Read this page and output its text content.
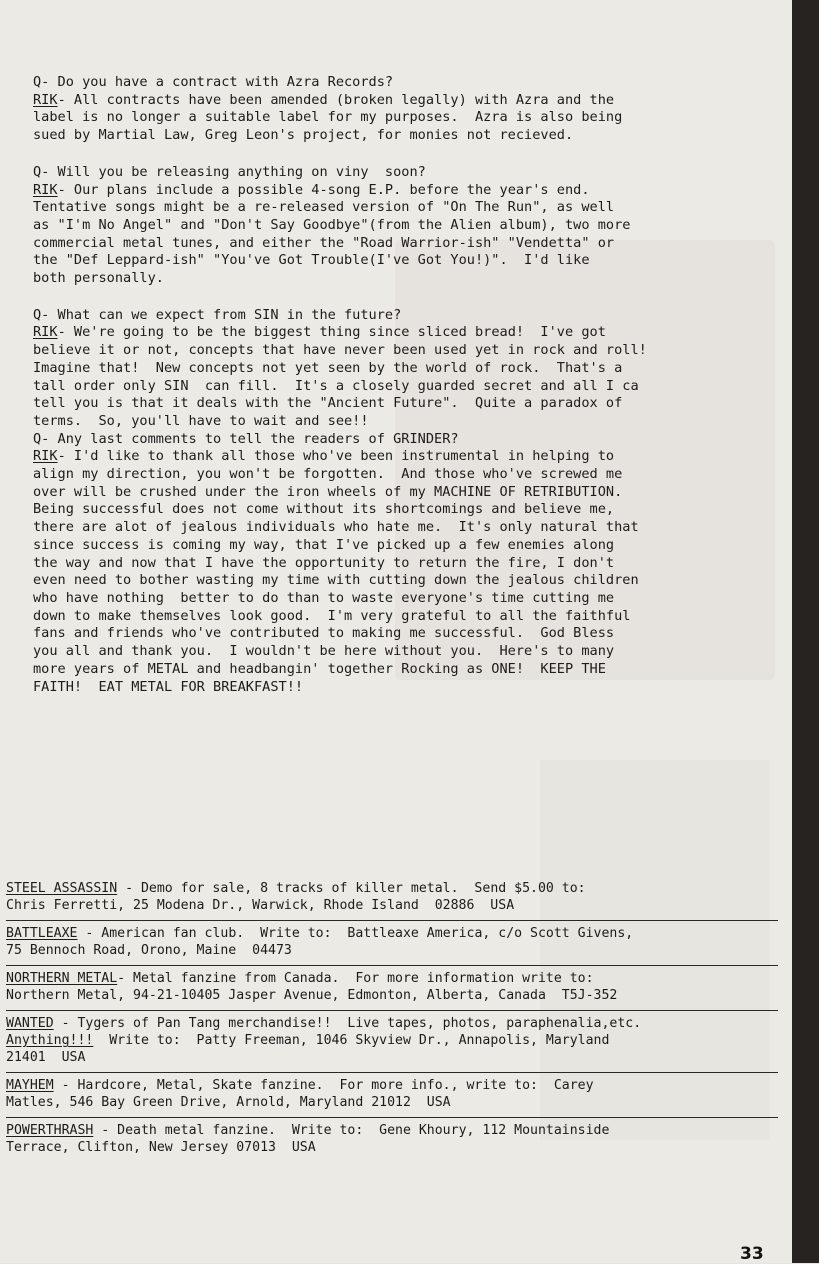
Q- Do you have a contract with Azra Records?
RIK- All contracts have been amended (broken legally) with Azra and the
label is no longer a suitable label for my purposes.  Azra is also being
sued by Martial Law, Greg Leon's project, for monies not recieved.
Q- Will you be releasing anything on viny  soon?
RIK- Our plans include a possible 4-song E.P. before the year's end.
Tentative songs might be a re-released version of "On The Run", as well
as "I'm No Angel" and "Don't Say Goodbye"(from the Alien album), two more
commercial metal tunes, and either the "Road Warrior-ish" "Vendetta" or
the "Def Leppard-ish" "You've Got Trouble(I've Got You!)".  I'd like
both personally.
Q- What can we expect from SIN in the future?
RIK- We're going to be the biggest thing since sliced bread!  I've got
believe it or not, concepts that have never been used yet in rock and roll!
Imagine that!  New concepts not yet seen by the world of rock.  That's a
tall order only SIN  can fill.  It's a closely guarded secret and all I ca
tell you is that it deals with the "Ancient Future".  Quite a paradox of
terms.  So, you'll have to wait and see!!
Q- Any last comments to tell the readers of GRINDER?
RIK- I'd like to thank all those who've been instrumental in helping to
align my direction, you won't be forgotten.  And those who've screwed me
over will be crushed under the iron wheels of my MACHINE OF RETRIBUTION.
Being successful does not come without its shortcomings and believe me,
there are alot of jealous individuals who hate me.  It's only natural that
since success is coming my way, that I've picked up a few enemies along
the way and now that I have the opportunity to return the fire, I don't
even need to bother wasting my time with cutting down the jealous children
who have nothing  better to do than to waste everyone's time cutting me
down to make themselves look good.  I'm very grateful to all the faithful
fans and friends who've contributed to making me successful.  God Bless
you all and thank you.  I wouldn't be here without you.  Here's to many
more years of METAL and headbangin' together Rocking as ONE!  KEEP THE
FAITH!  EAT METAL FOR BREAKFAST!!
STEEL ASSASSIN - Demo for sale, 8 tracks of killer metal.  Send $5.00 to:
Chris Ferretti, 25 Modena Dr., Warwick, Rhode Island  02886  USA
BATTLEAXE - American fan club.  Write to:  Battleaxe America, c/o Scott Givens,
75 Bennoch Road, Orono, Maine  04473
NORTHERN METAL- Metal fanzine from Canada.  For more information write to:
Northern Metal, 94-21-10405 Jasper Avenue, Edmonton, Alberta, Canada  T5J-352
WANTED - Tygers of Pan Tang merchandise!!  Live tapes, photos, paraphenalia,etc.
Anything!!!  Write to:  Patty Freeman, 1046 Skyview Dr., Annapolis, Maryland
21401  USA
MAYHEM - Hardcore, Metal, Skate fanzine.  For more info., write to:  Carey
Matles, 546 Bay Green Drive, Arnold, Maryland 21012  USA
POWERTHRASH - Death metal fanzine.  Write to:  Gene Khoury, 112 Mountainside
Terrace, Clifton, New Jersey 07013  USA
33
